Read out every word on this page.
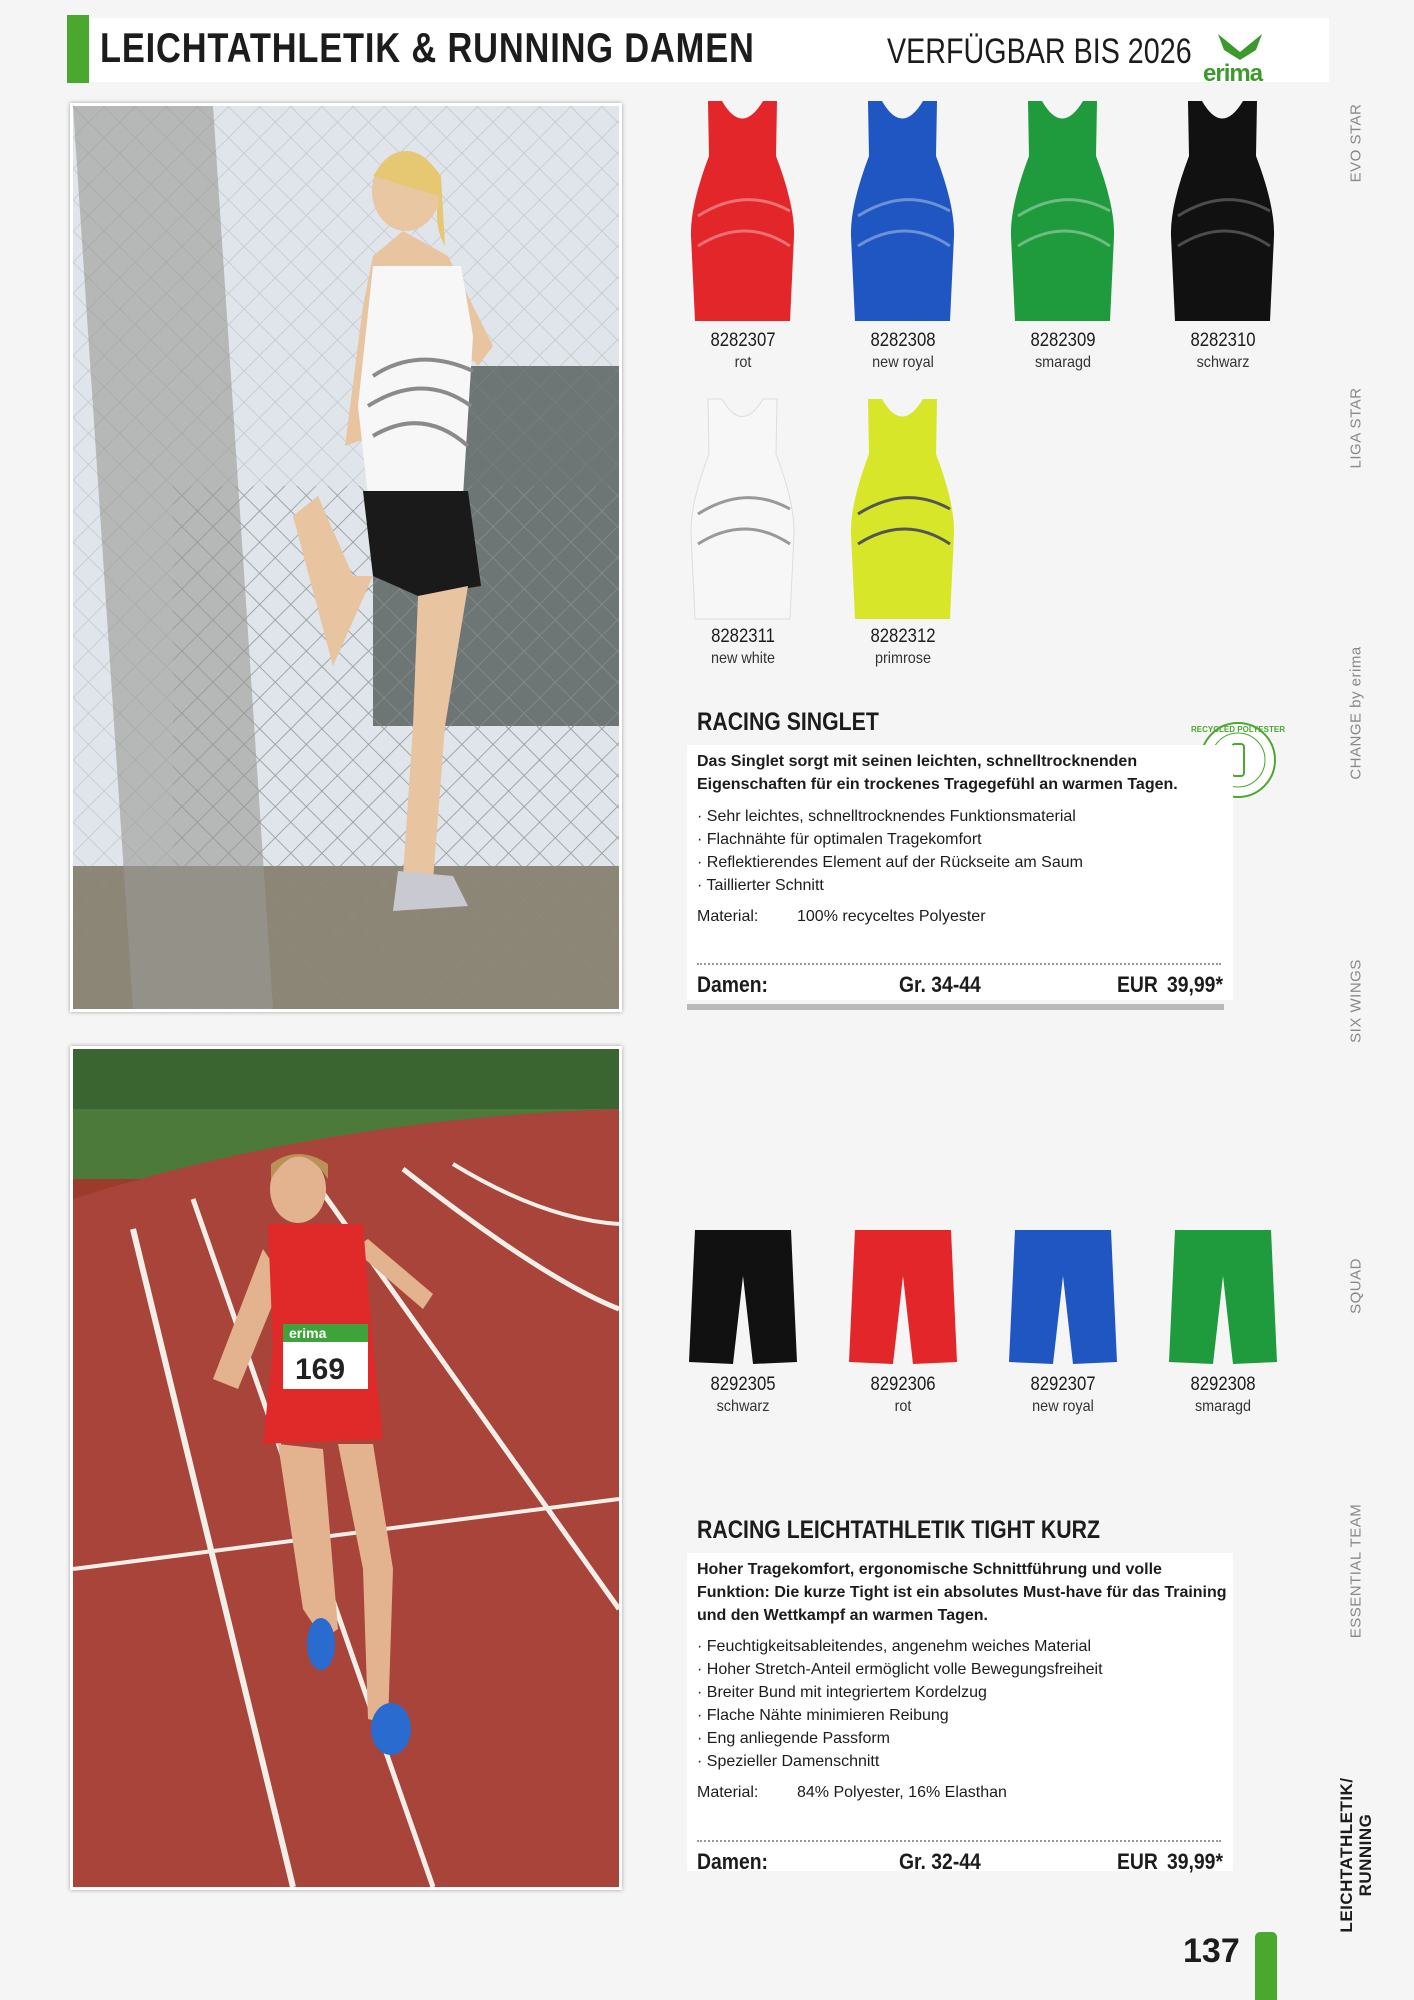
LEICHTATHLETIK & RUNNING DAMEN	VERFÜGBAR BIS 2026
erima
erima
169
8282307
rot
8282308
new royal
8282309
smaragd
8282310
schwarz
8282311
new white
8282312
primrose
RACING SINGLET	RECYCLED POLYESTER
Das Singlet sorgt mit seinen leichten, schnelltrocknenden Eigenschaften für ein trockenes Tragegefühl an warmen Tagen.
· Sehr leichtes, schnelltrocknendes Funktionsmaterial
· Flachnähte für optimalen Tragekomfort
· Reflektierendes Element auf der Rückseite am Saum
· Taillierter Schnitt
Material: 100% recyceltes Polyester
Damen:	Gr. 34-44	EUR 39,99*
8292305
schwarz
8292306
rot
8292307
new royal
8292308
smaragd
RACING LEICHTATHLETIK TIGHT KURZ
Hoher Tragekomfort, ergonomische Schnittführung und volle Funktion: Die kurze Tight ist ein absolutes Must-have für das Training und den Wettkampf an warmen Tagen.
· Feuchtigkeitsableitendes, angenehm weiches Material
· Hoher Stretch-Anteil ermöglicht volle Bewegungsfreiheit
· Breiter Bund mit integriertem Kordelzug
· Flache Nähte minimieren Reibung
· Eng anliegende Passform
· Spezieller Damenschnitt
Material: 84% Polyester, 16% Elasthan
Damen:	Gr. 32-44	EUR 39,99*
EVO STAR
LIGA STAR
CHANGE by erima
SIX WINGS
SQUAD
ESSENTIAL TEAM
LEICHTATHLETIK/ RUNNING
137
